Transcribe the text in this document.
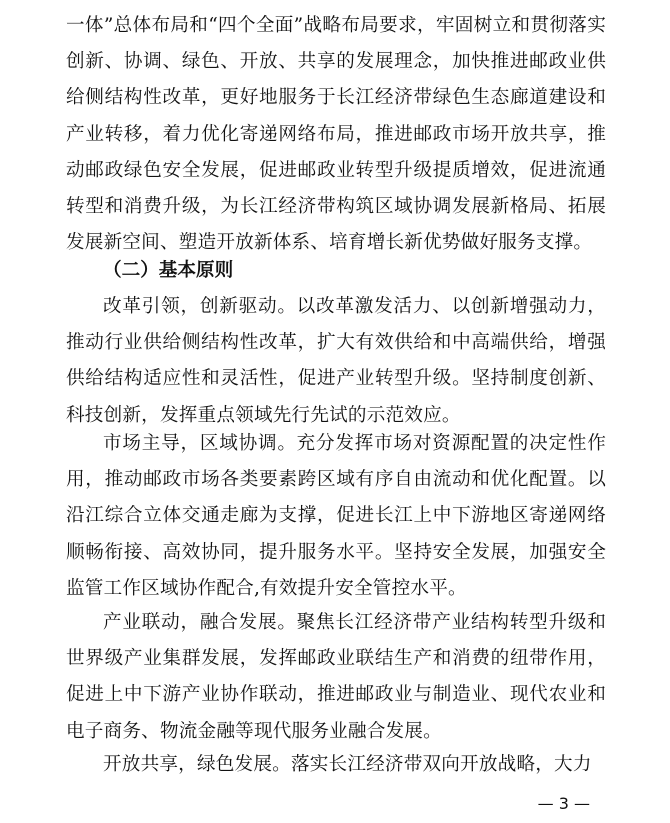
一体”总体布局和“四个全面”战略布局要求，牢固树立和贯彻落实创新、协调、绿色、开放、共享的发展理念，加快推进邮政业供给侧结构性改革，更好地服务于长江经济带绿色生态廊道建设和产业转移，着力优化寄递网络布局，推进邮政市场开放共享，推动邮政绿色安全发展，促进邮政业转型升级提质增效，促进流通转型和消费升级，为长江经济带构筑区域协调发展新格局、拓展发展新空间、塑造开放新体系、培育增长新优势做好服务支撑。

（二）基本原则

改革引领，创新驱动。以改革激发活力、以创新增强动力，推动行业供给侧结构性改革，扩大有效供给和中高端供给，增强供给结构适应性和灵活性，促进产业转型升级。坚持制度创新、科技创新，发挥重点领域先行先试的示范效应。

市场主导，区域协调。充分发挥市场对资源配置的决定性作用，推动邮政市场各类要素跨区域有序自由流动和优化配置。以沿江综合立体交通走廊为支撑，促进长江上中下游地区寄递网络顺畅衔接、高效协同，提升服务水平。坚持安全发展，加强安全监管工作区域协作配合,有效提升安全管控水平。

产业联动，融合发展。聚焦长江经济带产业结构转型升级和世界级产业集群发展，发挥邮政业联结生产和消费的纽带作用，促进上中下游产业协作联动，推进邮政业与制造业、现代农业和电子商务、物流金融等现代服务业融合发展。

开放共享，绿色发展。落实长江经济带双向开放战略，大力

— 3 —
